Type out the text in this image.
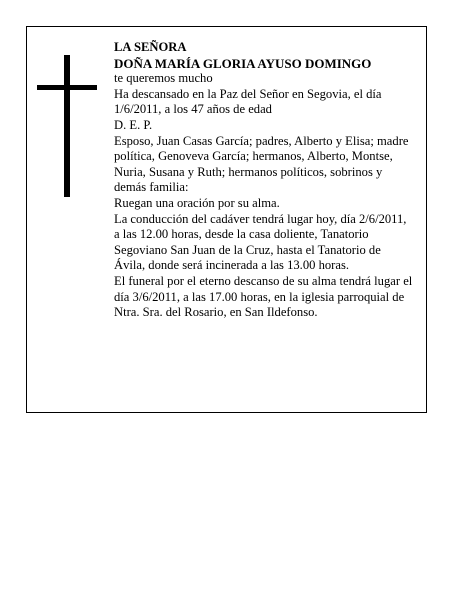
LA SEÑORA
DOÑA MARÍA GLORIA AYUSO DOMINGO
te queremos mucho
Ha descansado en la Paz del Señor en Segovia, el día 1/6/2011, a los 47 años de edad
D. E. P.
Esposo, Juan Casas García; padres, Alberto y Elisa; madre política, Genoveva García; hermanos, Alberto, Montse, Nuria, Susana y Ruth; hermanos políticos, sobrinos y demás familia:
Ruegan una oración por su alma.
La conducción del cadáver tendrá lugar hoy, día 2/6/2011, a las 12.00 horas, desde la casa doliente, Tanatorio Segoviano San Juan de la Cruz, hasta el Tanatorio de Ávila, donde será incinerada a las 13.00 horas.
El funeral por el eterno descanso de su alma tendrá lugar el día 3/6/2011, a las 17.00 horas, en la iglesia parroquial de Ntra. Sra. del Rosario, en San Ildefonso.
